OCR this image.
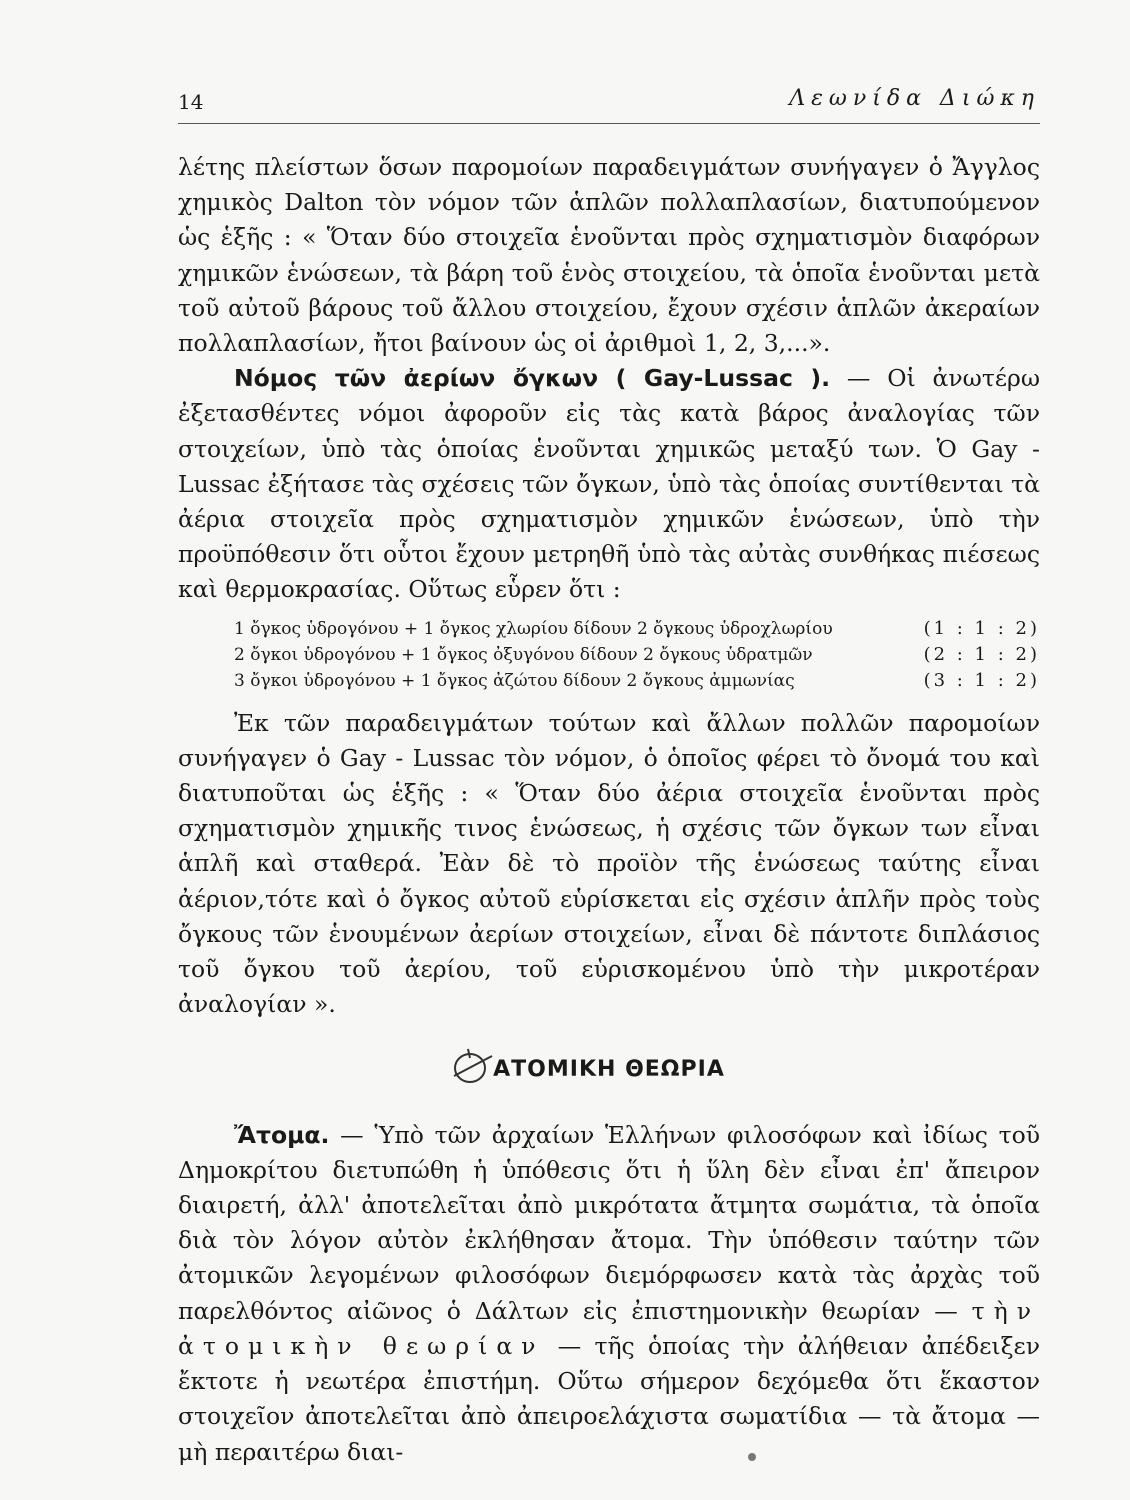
14	Λεωνίδα Διώκη

λέτης πλείστων ὅσων παρομοίων παραδειγμάτων συνήγαγεν ὁ Ἄγγλος χημικὸς Dalton τὸν νόμον τῶν ἁπλῶν πολλαπλασίων, διατυπούμενον ὡς ἑξῆς : « Ὅταν δύο στοιχεῖα ἑνοῦνται πρὸς σχηματισμὸν διαφόρων χημικῶν ἑνώσεων, τὰ βάρη τοῦ ἑνὸς στοιχείου, τὰ ὁποῖα ἑνοῦνται μετὰ τοῦ αὐτοῦ βάρους τοῦ ἄλλου στοιχείου, ἔχουν σχέσιν ἁπλῶν ἀκεραίων πολλαπλασίων, ἤτοι βαίνουν ὡς οἱ ἀριθμοὶ 1, 2, 3,...».

Νόμος τῶν ἀερίων ὄγκων ( Gay-Lussac ). — Οἱ ἀνωτέρω ἐξετασθέντες νόμοι ἀφοροῦν εἰς τὰς κατὰ βάρος ἀναλογίας τῶν στοιχείων, ὑπὸ τὰς ὁποίας ἑνοῦνται χημικῶς μεταξύ των. Ὁ Gay - Lussac ἐξήτασε τὰς σχέσεις τῶν ὄγκων, ὑπὸ τὰς ὁποίας συντίθενται τὰ ἀέρια στοιχεῖα πρὸς σχηματισμὸν χημικῶν ἑνώσεων, ὑπὸ τὴν προϋπόθεσιν ὅτι οὗτοι ἔχουν μετρηθῆ ὑπὸ τὰς αὐτὰς συνθήκας πιέσεως καὶ θερμοκρασίας. Οὕτως εὗρεν ὅτι :

1 ὄγκος ὑδρογόνου + 1 ὄγκος χλωρίου δίδουν 2 ὄγκους ὑδροχλωρίου	(1 : 1 : 2)
2 ὄγκοι ὑδρογόνου + 1 ὄγκος ὀξυγόνου δίδουν 2 ὄγκους ὑδρατμῶν	(2 : 1 : 2)
3 ὄγκοι ὑδρογόνου + 1 ὄγκος ἀζώτου δίδουν 2 ὄγκους ἀμμωνίας	(3 : 1 : 2)

Ἐκ τῶν παραδειγμάτων τούτων καὶ ἄλλων πολλῶν παρομοίων συνήγαγεν ὁ Gay - Lussac τὸν νόμον, ὁ ὁποῖος φέρει τὸ ὄνομά του καὶ διατυποῦται ὡς ἑξῆς : « Ὅταν δύο ἀέρια στοιχεῖα ἑνοῦνται πρὸς σχηματισμὸν χημικῆς τινος ἑνώσεως, ἡ σχέσις τῶν ὄγκων των εἶναι ἁπλῆ καὶ σταθερά. Ἐὰν δὲ τὸ προϊὸν τῆς ἑνώσεως ταύτης εἶναι ἀέριον,τότε καὶ ὁ ὄγκος αὐτοῦ εὑρίσκεται εἰς σχέσιν ἁπλῆν πρὸς τοὺς ὄγκους τῶν ἑνουμένων ἀερίων στοιχείων, εἶναι δὲ πάντοτε διπλάσιος τοῦ ὄγκου τοῦ ἀερίου, τοῦ εὑρισκομένου ὑπὸ τὴν μικροτέραν ἀναλογίαν ».

ΑΤΟΜΙΚΗ ΘΕΩΡΙΑ

Ἄτομα. — Ὑπὸ τῶν ἀρχαίων Ἑλλήνων φιλοσόφων καὶ ἰδίως τοῦ Δημοκρίτου διετυπώθη ἡ ὑπόθεσις ὅτι ἡ ὕλη δὲν εἶναι ἐπ' ἄπειρον διαιρετή, ἀλλ' ἀποτελεῖται ἀπὸ μικρότατα ἄτμητα σωμάτια, τὰ ὁποῖα διὰ τὸν λόγον αὐτὸν ἐκλήθησαν ἄτομα. Τὴν ὑπόθεσιν ταύτην τῶν ἀτομικῶν λεγομένων φιλοσόφων διεμόρφωσεν κατὰ τὰς ἀρχὰς τοῦ παρελθόντος αἰῶνος ὁ Δάλτων εἰς ἐπιστημονικὴν θεωρίαν — τὴν ἀτομικὴν θεωρίαν — τῆς ὁποίας τὴν ἀλήθειαν ἀπέδειξεν ἔκτοτε ἡ νεωτέρα ἐπιστήμη. Οὕτω σήμερον δεχόμεθα ὅτι ἕκαστον στοιχεῖον ἀποτελεῖται ἀπὸ ἀπειροελάχιστα σωματίδια — τὰ ἄτομα — μὴ περαιτέρω διαι-
